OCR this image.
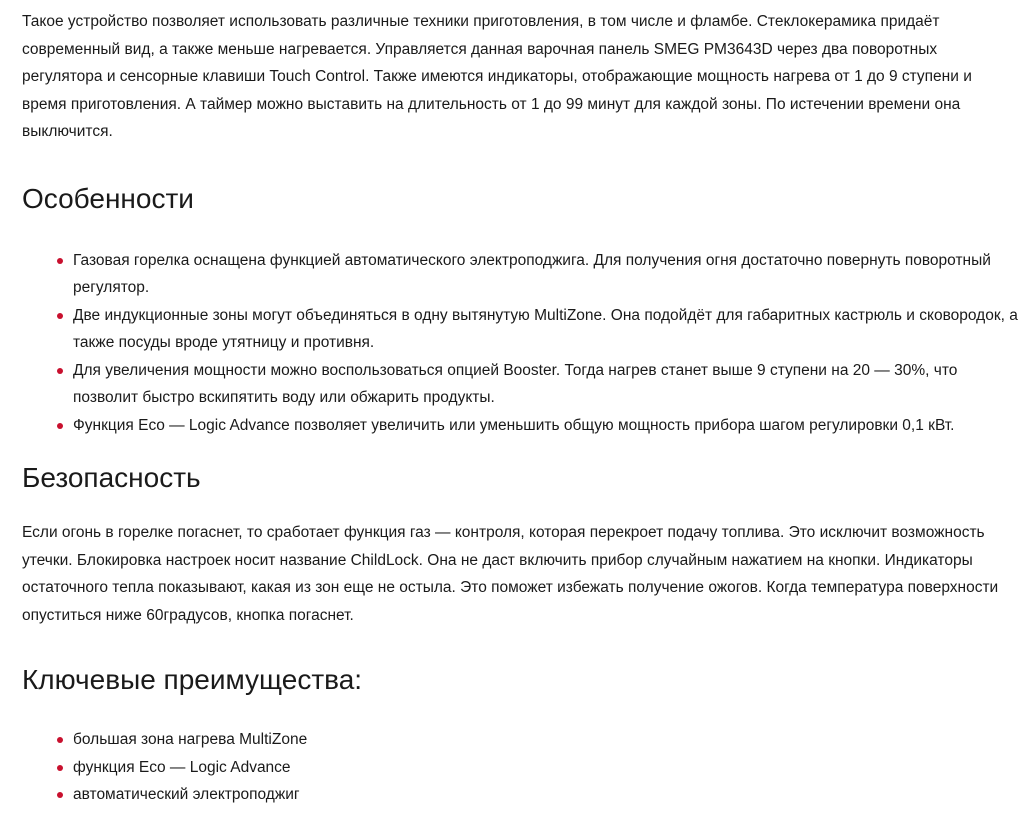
Такое устройство позволяет использовать различные техники приготовления, в том числе и фламбе. Стеклокерамика придаёт современный вид, а также меньше нагревается. Управляется данная варочная панель SMEG PM3643D через два поворотных регулятора и сенсорные клавиши Touch Control. Также имеются индикаторы, отображающие мощность нагрева от 1 до 9 ступени и время приготовления. А таймер можно выставить на длительность от 1 до 99 минут для каждой зоны. По истечении времени она выключится.

Особенности
Газовая горелка оснащена функцией автоматического электроподжига. Для получения огня достаточно повернуть поворотный регулятор.
Две индукционные зоны могут объединяться в одну вытянутую MultiZone. Она подойдёт для габаритных кастрюль и сковородок, а также посуды вроде утятницу и противня.
Для увеличения мощности можно воспользоваться опцией Booster. Тогда нагрев станет выше 9 ступени на 20 — 30%, что позволит быстро вскипятить воду или обжарить продукты.
Функция Eco — Logic Advance позволяет увеличить или уменьшить общую мощность прибора шагом регулировки 0,1 кВт.
Безопасность

Если огонь в горелке погаснет, то сработает функция газ — контроля, которая перекроет подачу топлива. Это исключит возможность утечки. Блокировка настроек носит название ChildLock. Она не даст включить прибор случайным нажатием на кнопки. Индикаторы остаточного тепла показывают, какая из зон еще не остыла. Это поможет избежать получение ожогов. Когда температура поверхности опуститься ниже 60градусов, кнопка погаснет.

Ключевые преимущества:
большая зона нагрева MultiZone
функция Eco — Logic Advance
автоматический электроподжиг
